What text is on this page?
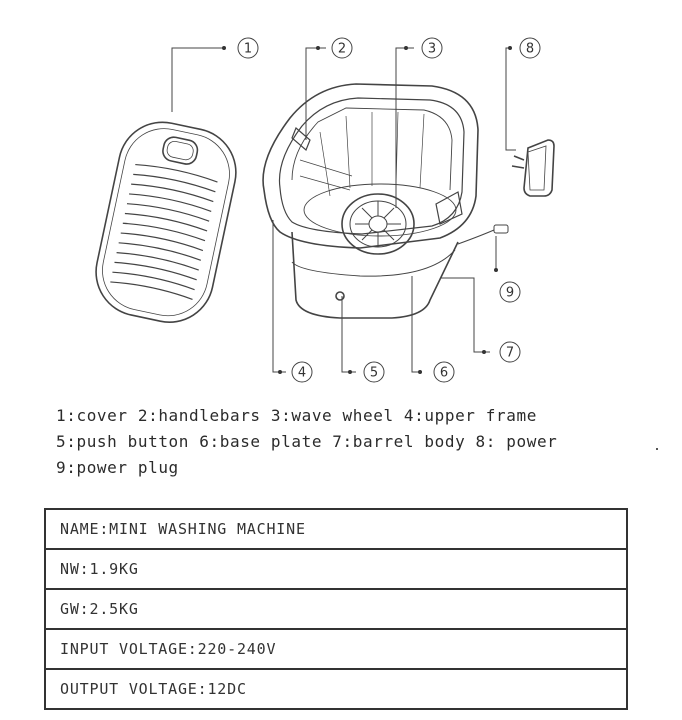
1	2	3	8
4	5	6
7
9
1:cover 2:handlebars 3:wave wheel 4:upper frame
5:push button 6:base plate 7:barrel body 8: power
9:power plug
NAME:MINI WASHING MACHINE
NW:1.9KG
GW:2.5KG
INPUT VOLTAGE:220-240V
OUTPUT VOLTAGE:12DC
